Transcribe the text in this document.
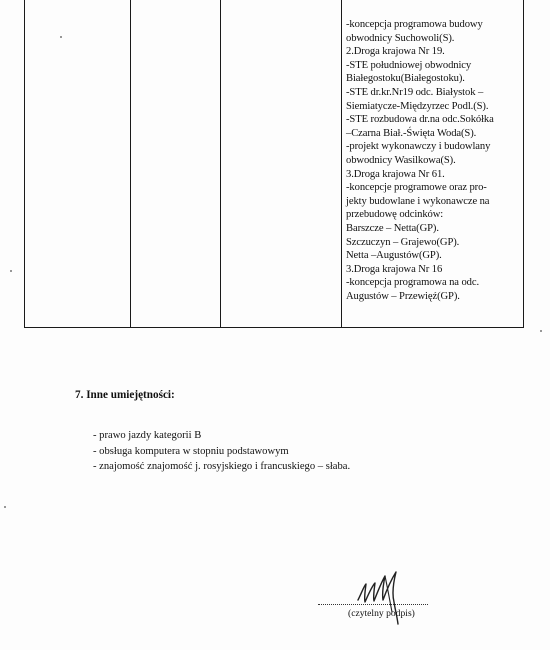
-koncepcja programowa budowy
obwodnicy Suchowoli(S).
2.Droga krajowa Nr 19.
-STE południowej obwodnicy
Białegostoku(Białegostoku).
-STE dr.kr.Nr19 odc. Białystok –
Siemiatycze-Międzyrzec Podl.(S).
-STE rozbudowa dr.na odc.Sokółka
–Czarna Biał.-Święta Woda(S).
-projekt wykonawczy i budowlany
obwodnicy Wasilkowa(S).
3.Droga krajowa Nr 61.
-koncepcje programowe oraz pro-
jekty budowlane i wykonawcze na
przebudowę odcinków:
Barszcze – Netta(GP).
Szczuczyn – Grajewo(GP).
Netta –Augustów(GP).
3.Droga krajowa Nr 16
-koncepcja programowa na odc.
Augustów – Przewięź(GP).
7. Inne umiejętności:
- prawo jazdy kategorii B
- obsługa komputera w stopniu podstawowym
- znajomość znajomość j. rosyjskiego i francuskiego – słaba.
(czytelny podpis)
